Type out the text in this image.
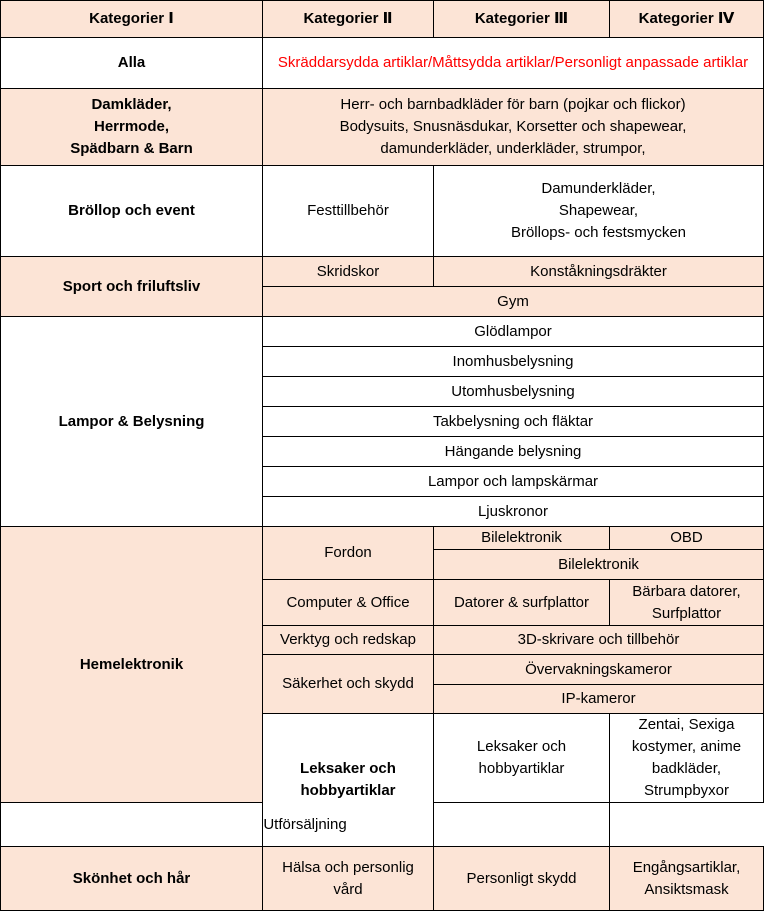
Kategorier Ⅰ	Kategorier Ⅱ	Kategorier Ⅲ	Kategorier Ⅳ
Alla	Skräddarsydda artiklar/Måttsydda artiklar/Personligt anpassade artiklar		
Damkläder,
Herrmode,
Spädbarn & Barn	Herr- och barnbadkläder för barn (pojkar och flickor)
Bodysuits, Snusnäsdukar, Korsetter och shapewear,
damunderkläder, underkläder, strumpor,		
Bröllop och event	Festtillbehör	Damunderkläder,
Shapewear,
Bröllops- och festsmycken	
Sport och friluftsliv	Skridskor	Konståkningsdräkter	
	Gym		
Lampor & Belysning	Glödlampor		
	Inomhusbelysning		
	Utomhusbelysning		
	Takbelysning och fläktar		
	Hängande belysning		
	Lampor och lampskärmar		
	Ljuskronor		
Hemelektronik	Fordon	Bilelektronik	OBD
		Bilelektronik	
	Computer & Office	Datorer & surfplattor	Bärbara datorer,
Surfplattor
	Verktyg och redskap	3D-skrivare och tillbehör	
	Säkerhet och skydd	Övervakningskameror	
		IP-kameror	
	Leksaker och hobbyartiklar	Leksaker och
hobbyartiklar	Zentai, Sexiga kostymer, anime badkläder,
Strumpbyxor
Utförsäljning			
Skönhet och hår	Hälsa och personlig
vård	Personligt skydd	Engångsartiklar,
Ansiktsmask
